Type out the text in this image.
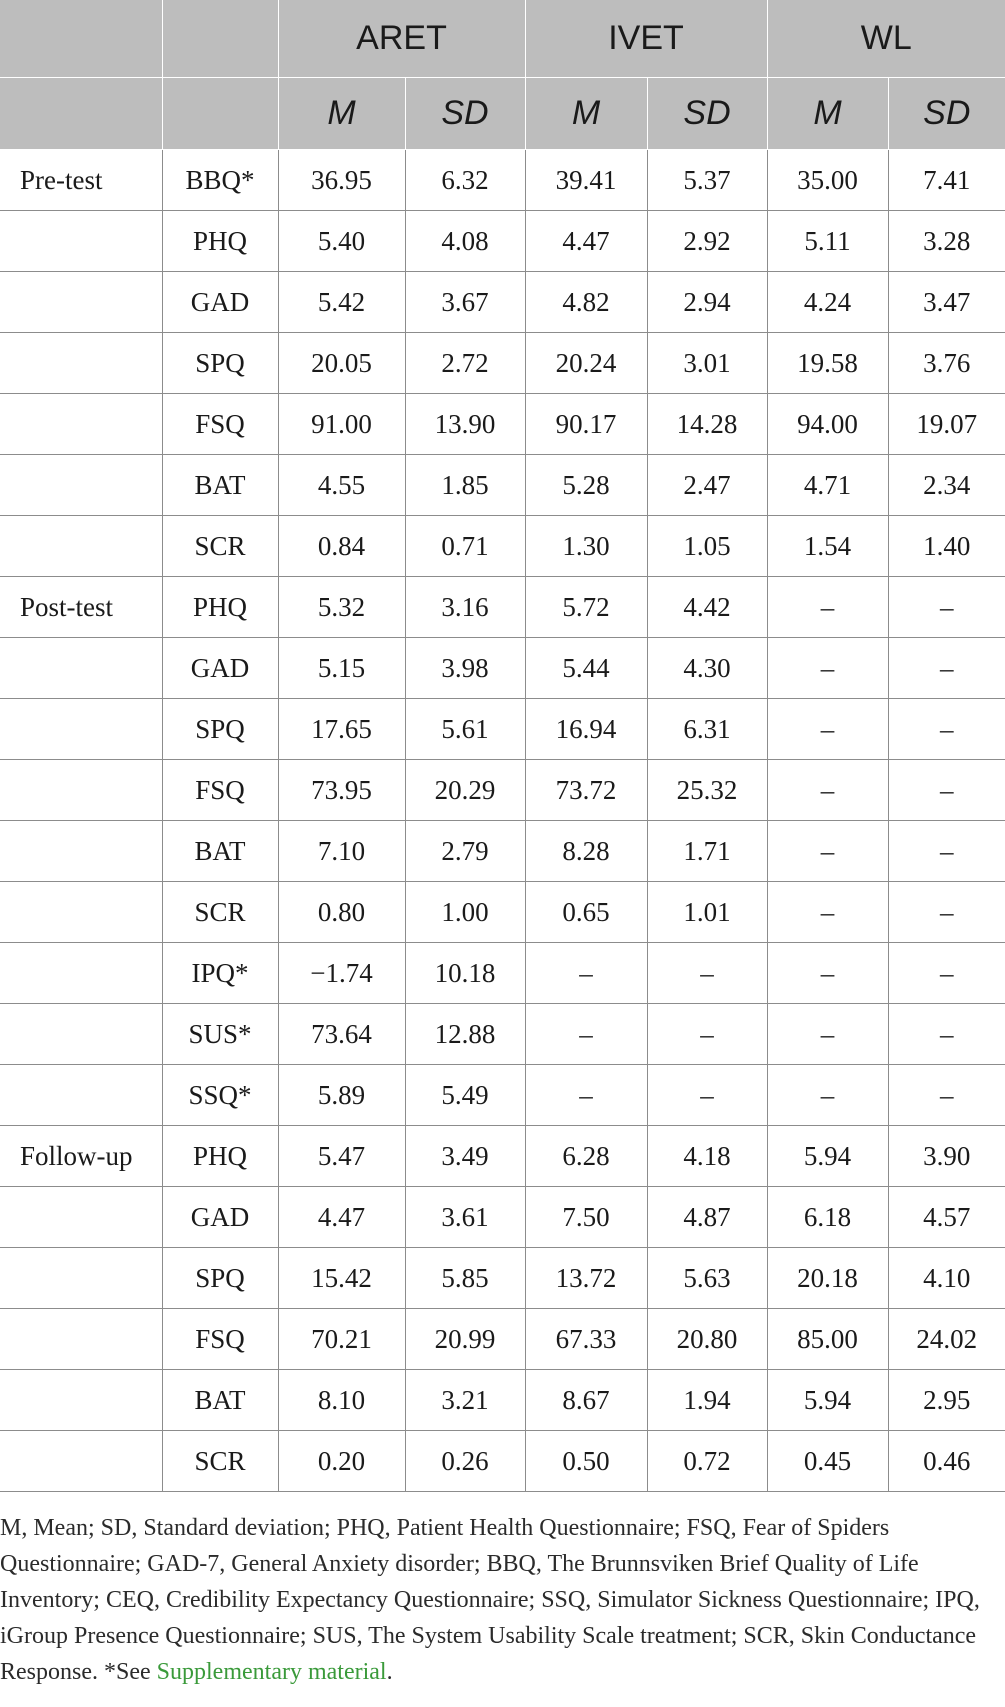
		ARET		IVET		WL	
		M	SD	M	SD	M	SD
Pre-test	BBQ*	36.95	6.32	39.41	5.37	35.00	7.41
	PHQ	5.40	4.08	4.47	2.92	5.11	3.28
	GAD	5.42	3.67	4.82	2.94	4.24	3.47
	SPQ	20.05	2.72	20.24	3.01	19.58	3.76
	FSQ	91.00	13.90	90.17	14.28	94.00	19.07
	BAT	4.55	1.85	5.28	2.47	4.71	2.34
	SCR	0.84	0.71	1.30	1.05	1.54	1.40
Post-test	PHQ	5.32	3.16	5.72	4.42	–	–
	GAD	5.15	3.98	5.44	4.30	–	–
	SPQ	17.65	5.61	16.94	6.31	–	–
	FSQ	73.95	20.29	73.72	25.32	–	–
	BAT	7.10	2.79	8.28	1.71	–	–
	SCR	0.80	1.00	0.65	1.01	–	–
	IPQ*	−1.74	10.18	–	–	–	–
	SUS*	73.64	12.88	–	–	–	–
	SSQ*	5.89	5.49	–	–	–	–
Follow-up	PHQ	5.47	3.49	6.28	4.18	5.94	3.90
	GAD	4.47	3.61	7.50	4.87	6.18	4.57
	SPQ	15.42	5.85	13.72	5.63	20.18	4.10
	FSQ	70.21	20.99	67.33	20.80	85.00	24.02
	BAT	8.10	3.21	8.67	1.94	5.94	2.95
	SCR	0.20	0.26	0.50	0.72	0.45	0.46
M, Mean; SD, Standard deviation; PHQ, Patient Health Questionnaire; FSQ, Fear of Spiders Questionnaire; GAD-7, General Anxiety disorder; BBQ, The Brunnsviken Brief Quality of Life Inventory; CEQ, Credibility Expectancy Questionnaire; SSQ, Simulator Sickness Questionnaire; IPQ, iGroup Presence Questionnaire; SUS, The System Usability Scale treatment; SCR, Skin Conductance Response. *See Supplementary material.
